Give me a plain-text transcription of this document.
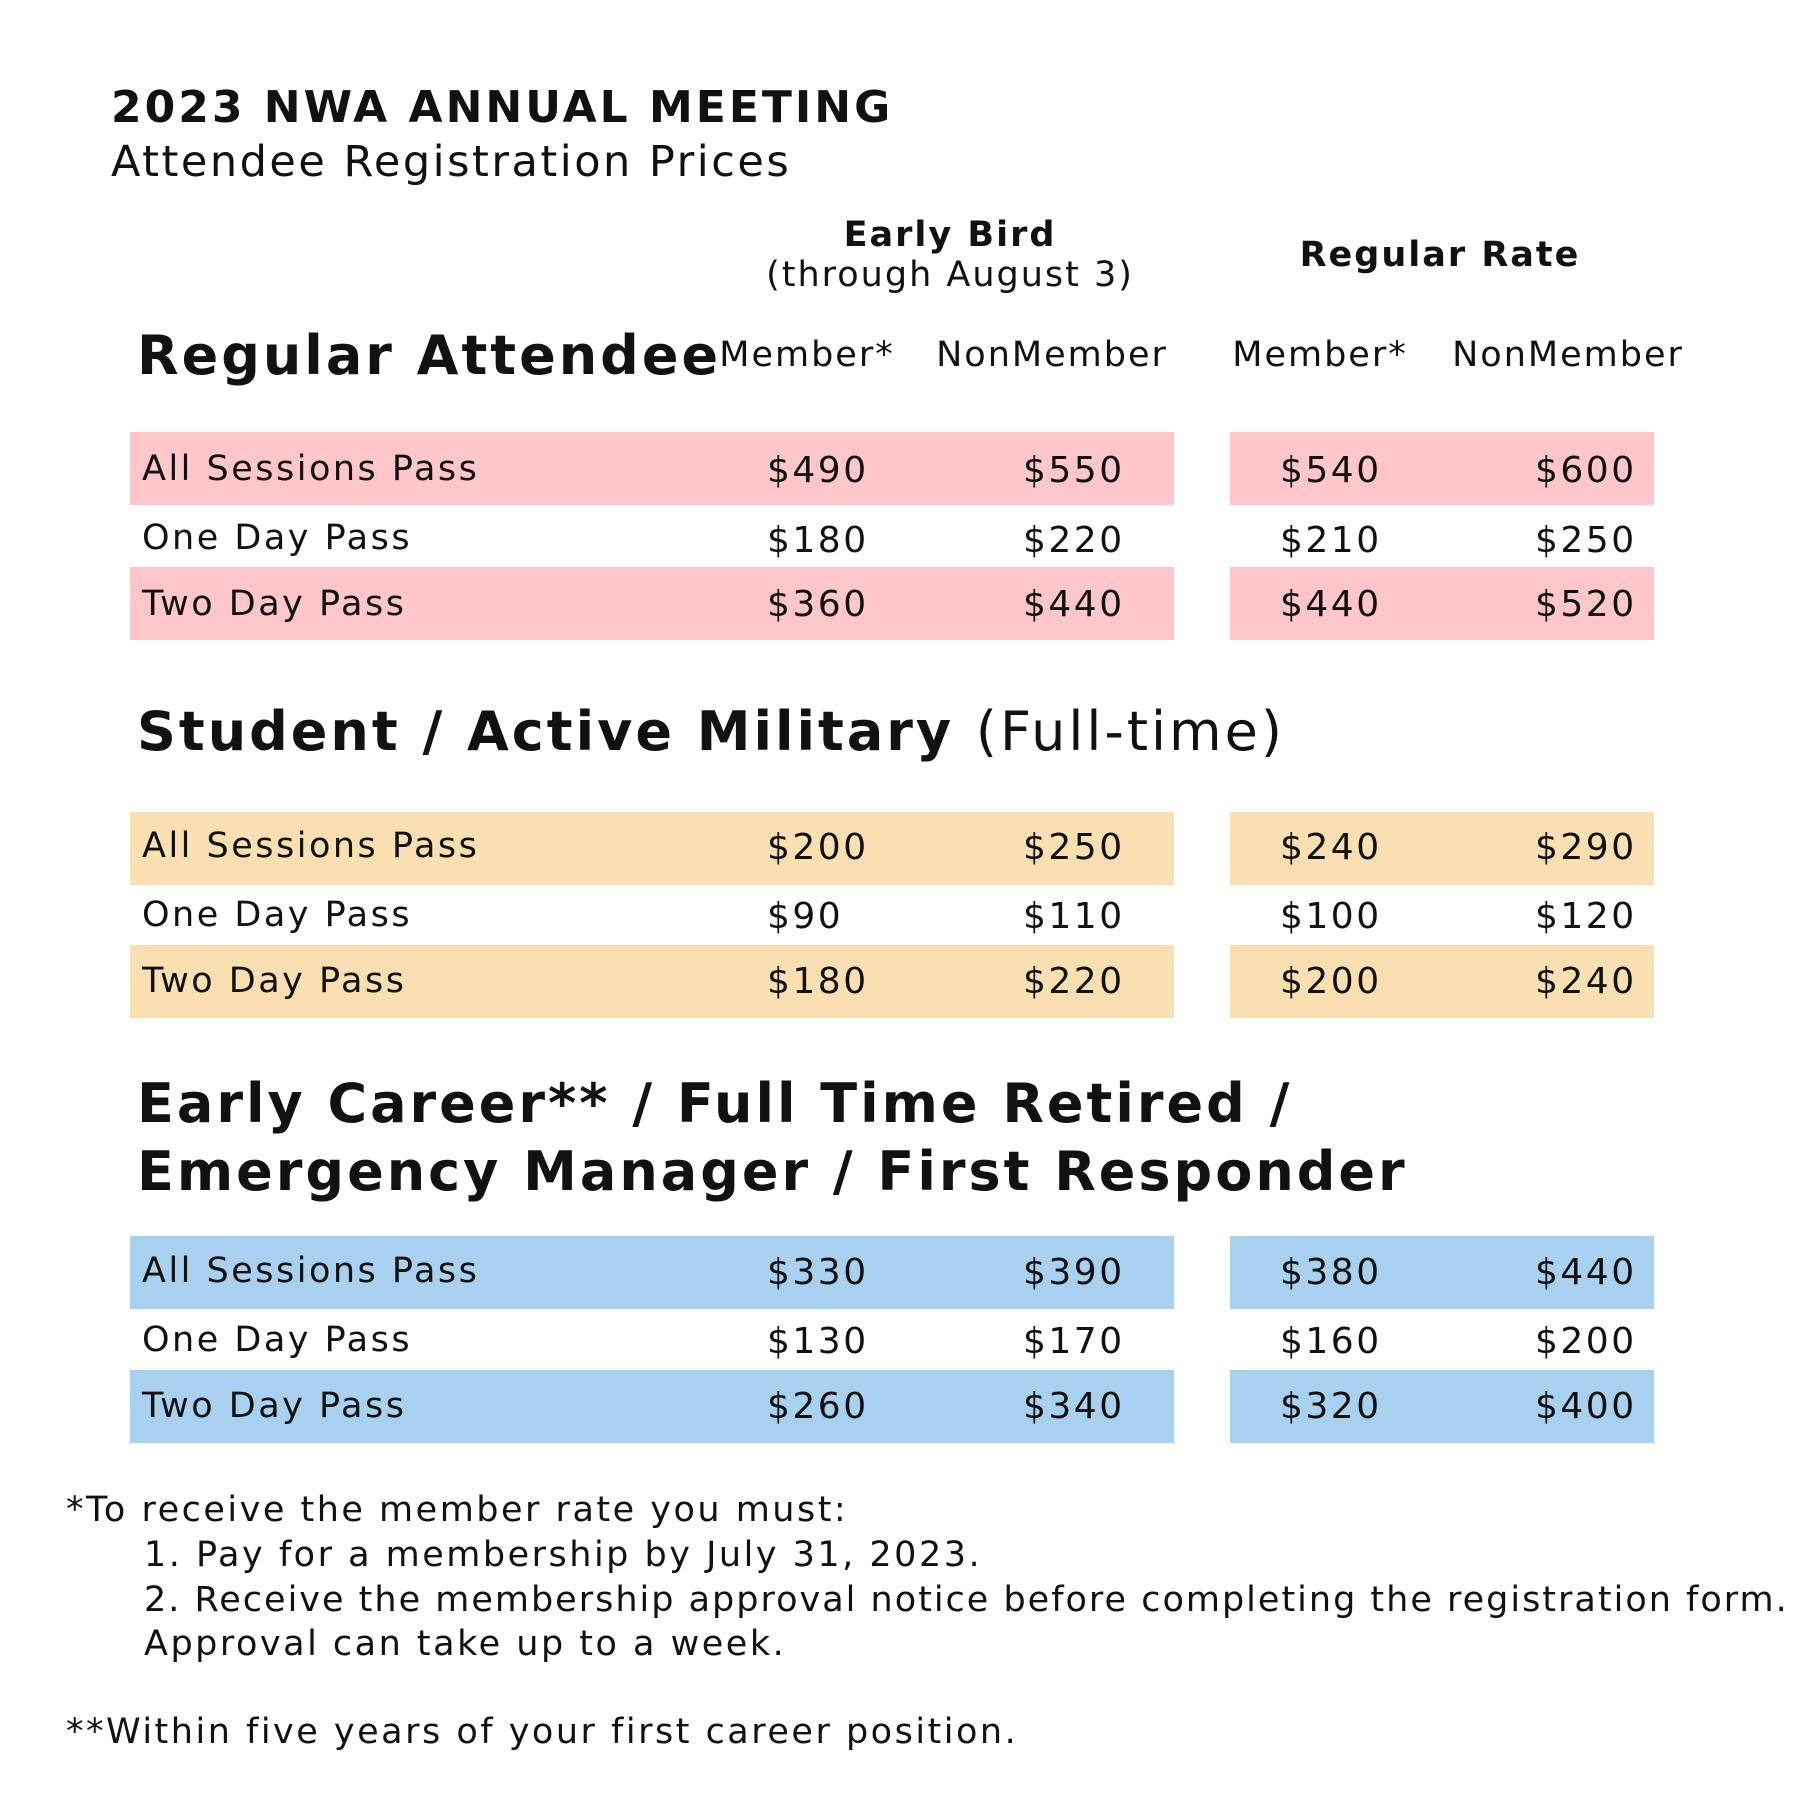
2023 NWA ANNUAL MEETING
Attendee Registration Prices
Early Bird
(through August 3)	Regular Rate
Regular Attendee
Member*	NonMember	Member*	NonMember
All Sessions Pass	$490	$550	$540	$600
One Day Pass	$180	$220	$210	$250
Two Day Pass	$360	$440	$440	$520
Student / Active Military (Full-time)
All Sessions Pass	$200	$250	$240	$290
One Day Pass	$90	$110	$100	$120
Two Day Pass	$180	$220	$200	$240
Early Career** / Full Time Retired /
Emergency Manager / First Responder
All Sessions Pass	$330	$390	$380	$440
One Day Pass	$130	$170	$160	$200
Two Day Pass	$260	$340	$320	$400
*To receive the member rate you must:
1. Pay for a membership by July 31, 2023.
2. Receive the membership approval notice before completing the registration form.
Approval can take up to a week.
**Within five years of your first career position.
